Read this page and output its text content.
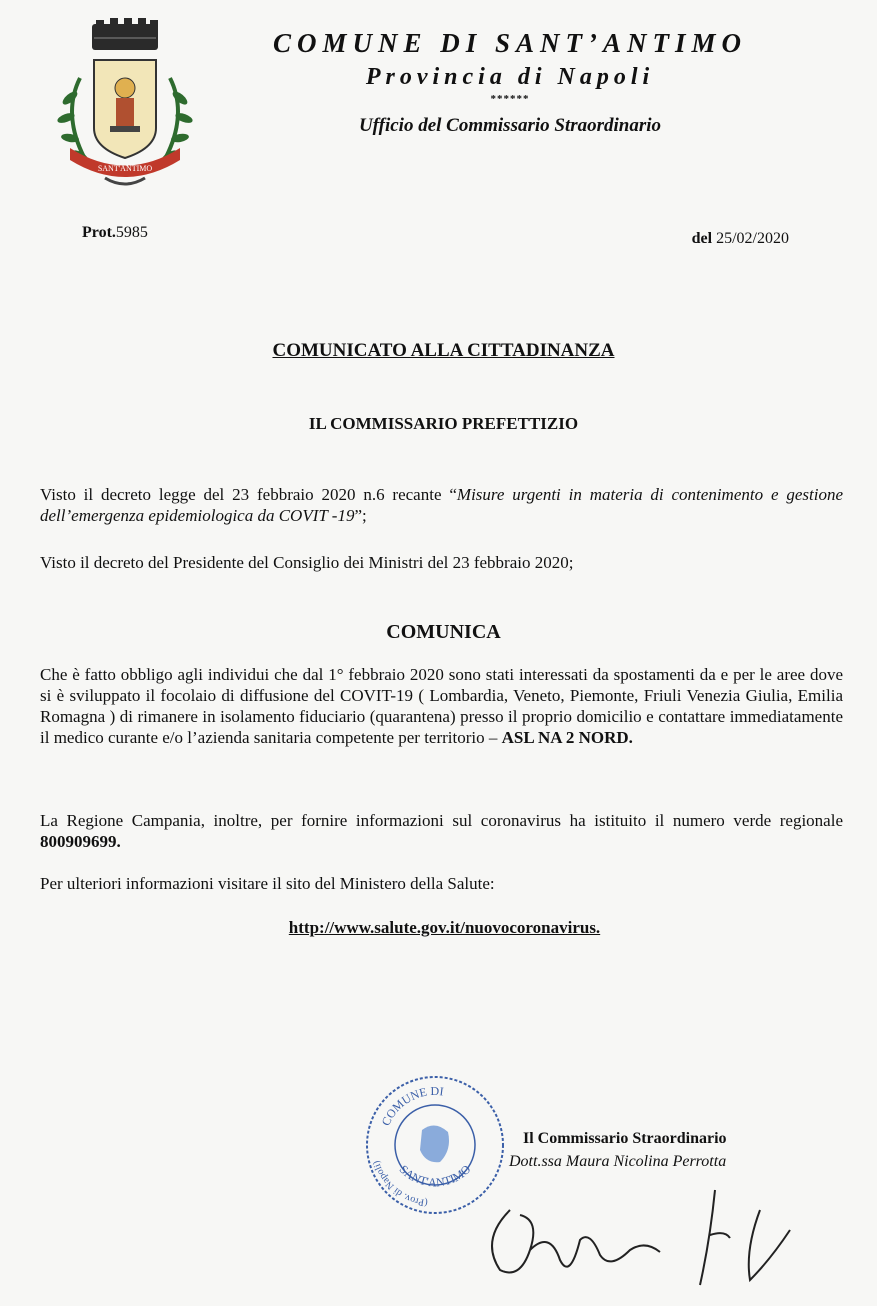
SANT'ANTIMO
COMUNE DI SANT’ANTIMO
Provincia di Napoli
******
Ufficio del Commissario Straordinario
Prot.5985	del 25/02/2020
COMUNICATO ALLA CITTADINANZA
IL COMMISSARIO PREFETTIZIO
Visto il decreto legge del 23 febbraio 2020 n.6 recante “Misure urgenti in materia di contenimento e gestione dell’emergenza epidemiologica da COVIT -19”;
Visto il decreto del Presidente del Consiglio dei Ministri del 23 febbraio 2020;
COMUNICA
Che è fatto obbligo agli individui che dal 1° febbraio 2020 sono stati interessati da spostamenti da e per le aree dove si è sviluppato il focolaio di diffusione del COVIT-19 ( Lombardia, Veneto, Piemonte, Friuli Venezia Giulia, Emilia Romagna ) di rimanere in isolamento fiduciario (quarantena) presso il proprio domicilio e contattare immediatamente il medico curante e/o l’azienda sanitaria competente per territorio – ASL NA 2 NORD.
La Regione Campania, inoltre, per fornire informazioni sul coronavirus ha istituito il numero verde regionale 800909699.
Per ulteriori informazioni visitare il sito del Ministero della Salute:
http://www.salute.gov.it/nuovocoronavirus.
COMUNE DI
SANT'ANTIMO
(Prov. di Napoli)
Il Commissario Straordinario
Dott.ssa Maura Nicolina Perrotta
